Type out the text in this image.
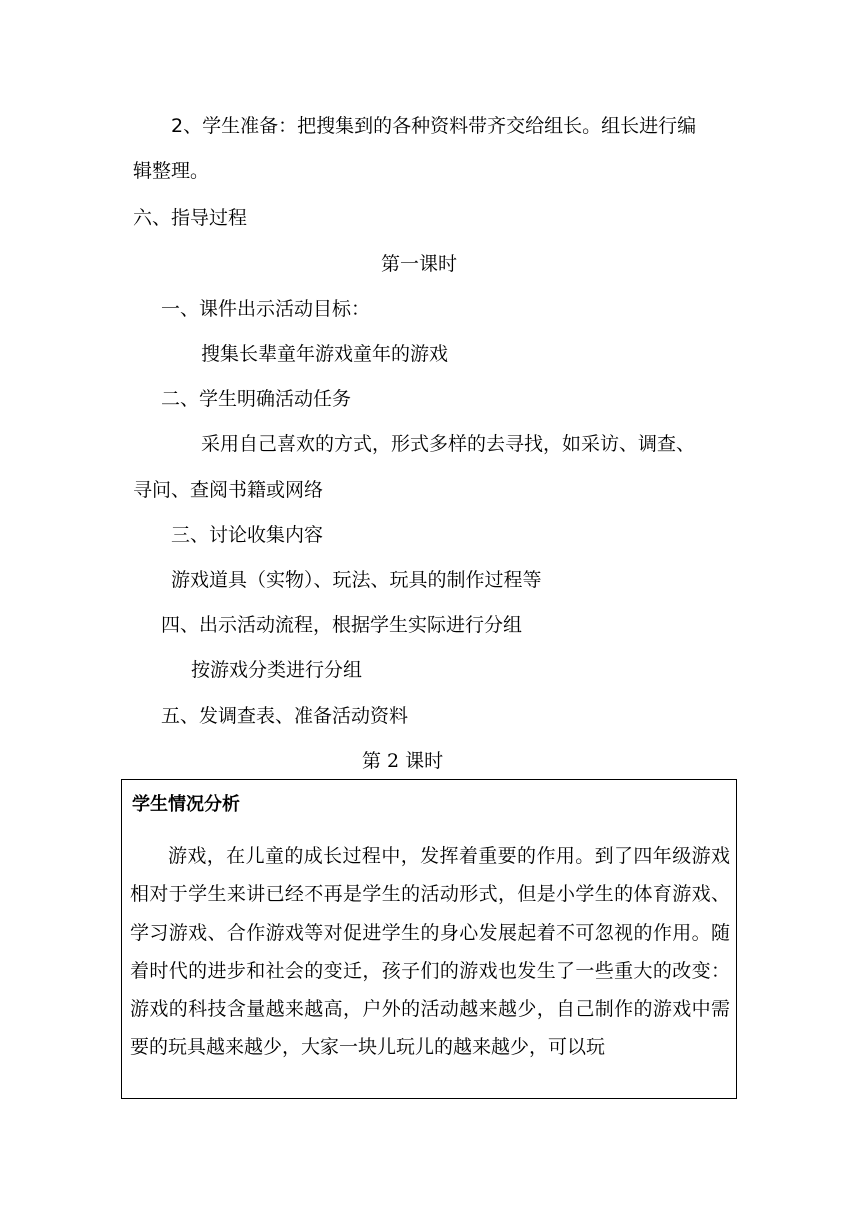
2、学生准备：把搜集到的各种资料带齐交给组长。组长进行编
辑整理。
六、指导过程
第一课时
一、课件出示活动目标：
搜集长辈童年游戏童年的游戏
二、学生明确活动任务
采用自己喜欢的方式，形式多样的去寻找，如采访、调查、
寻问、查阅书籍或网络
三、讨论收集内容
游戏道具（实物）、玩法、玩具的制作过程等
四、出示活动流程，根据学生实际进行分组
按游戏分类进行分组
五、发调查表、准备活动资料
第 2 课时
学生情况分析

游戏，在儿童的成长过程中，发挥着重要的作用。到了四年级游戏相对于学生来讲已经不再是学生的活动形式，但是小学生的体育游戏、学习游戏、合作游戏等对促进学生的身心发展起着不可忽视的作用。随着时代的进步和社会的变迁，孩子们的游戏也发生了一些重大的改变：游戏的科技含量越来越高，户外的活动越来越少，自己制作的游戏中需要的玩具越来越少，大家一块儿玩儿的越来越少，可以玩
